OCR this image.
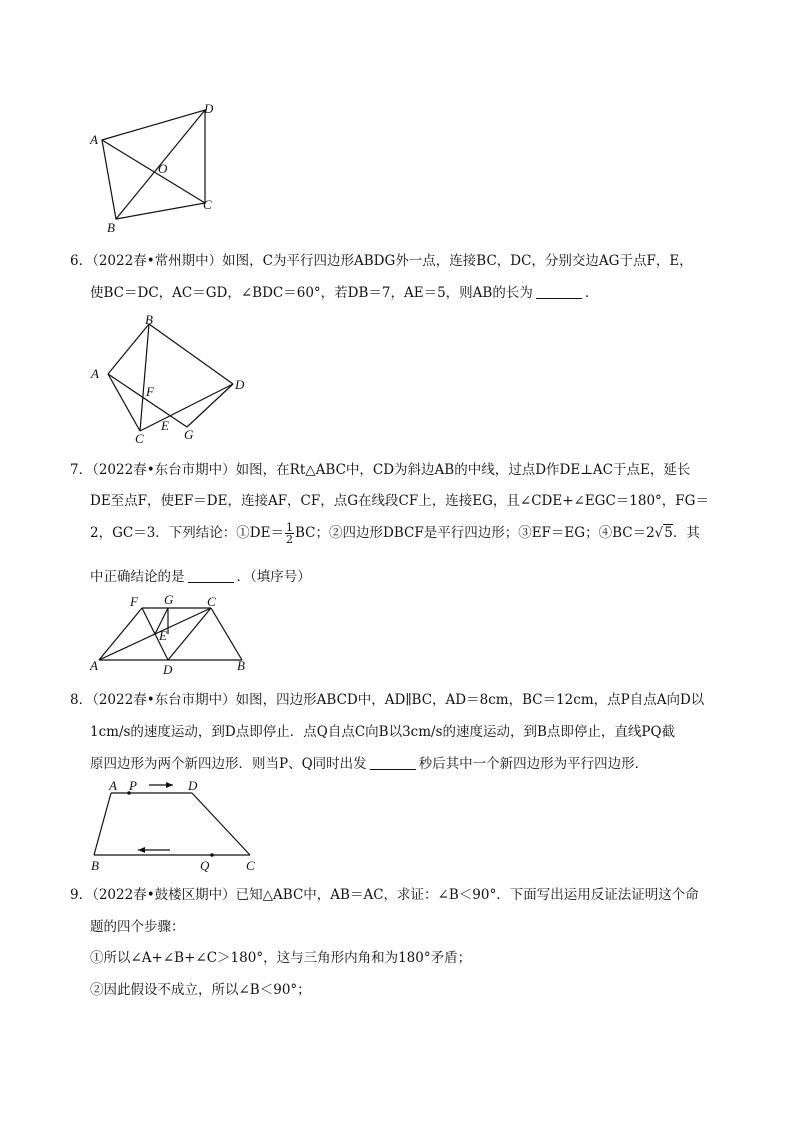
A
D
O
C
B
6．（2022春•常州期中）如图，C为平行四边形ABDG外一点，连接BC，DC，分别交边AG于点F，E，
使BC＝DC，AC＝GD，∠BDC＝60°，若DB＝7，AE＝5，则AB的长为	．
A
B
D
F
C
E
G
7．（2022春•东台市期中）如图，在Rt△ABC中，CD为斜边AB的中线，过点D作DE⊥AC于点E，延长
DE至点F，使EF＝DE，连接AF，CF，点G在线段CF上，连接EG，且∠CDE+∠EGC＝180°，FG＝
2，GC＝3．下列结论：①DE＝ $\frac{1}{2}$ BC；②四边形DBCF是平行四边形；③EF＝EG；④BC＝2√5．其
中正确结论的是	．（填序号）
F G	C
E
A	D	B
8．（2022春•东台市期中）如图，四边形ABCD中，AD∥BC，AD＝8cm，BC＝12cm，点P自点A向D以
1cm/s的速度运动，到D点即停止．点Q自点C向B以3cm/s的速度运动，到B点即停止，直线PQ截
原四边形为两个新四边形．则当P、Q同时出发	秒后其中一个新四边形为平行四边形．
A P	D
B	Q	C
9．（2022春•鼓楼区期中）已知△ABC中，AB＝AC，求证：∠B＜90°．下面写出运用反证法证明这个命
题的四个步骤：
①所以∠A+∠B+∠C＞180°，这与三角形内角和为180°矛盾；
②因此假设不成立，所以∠B＜90°；
